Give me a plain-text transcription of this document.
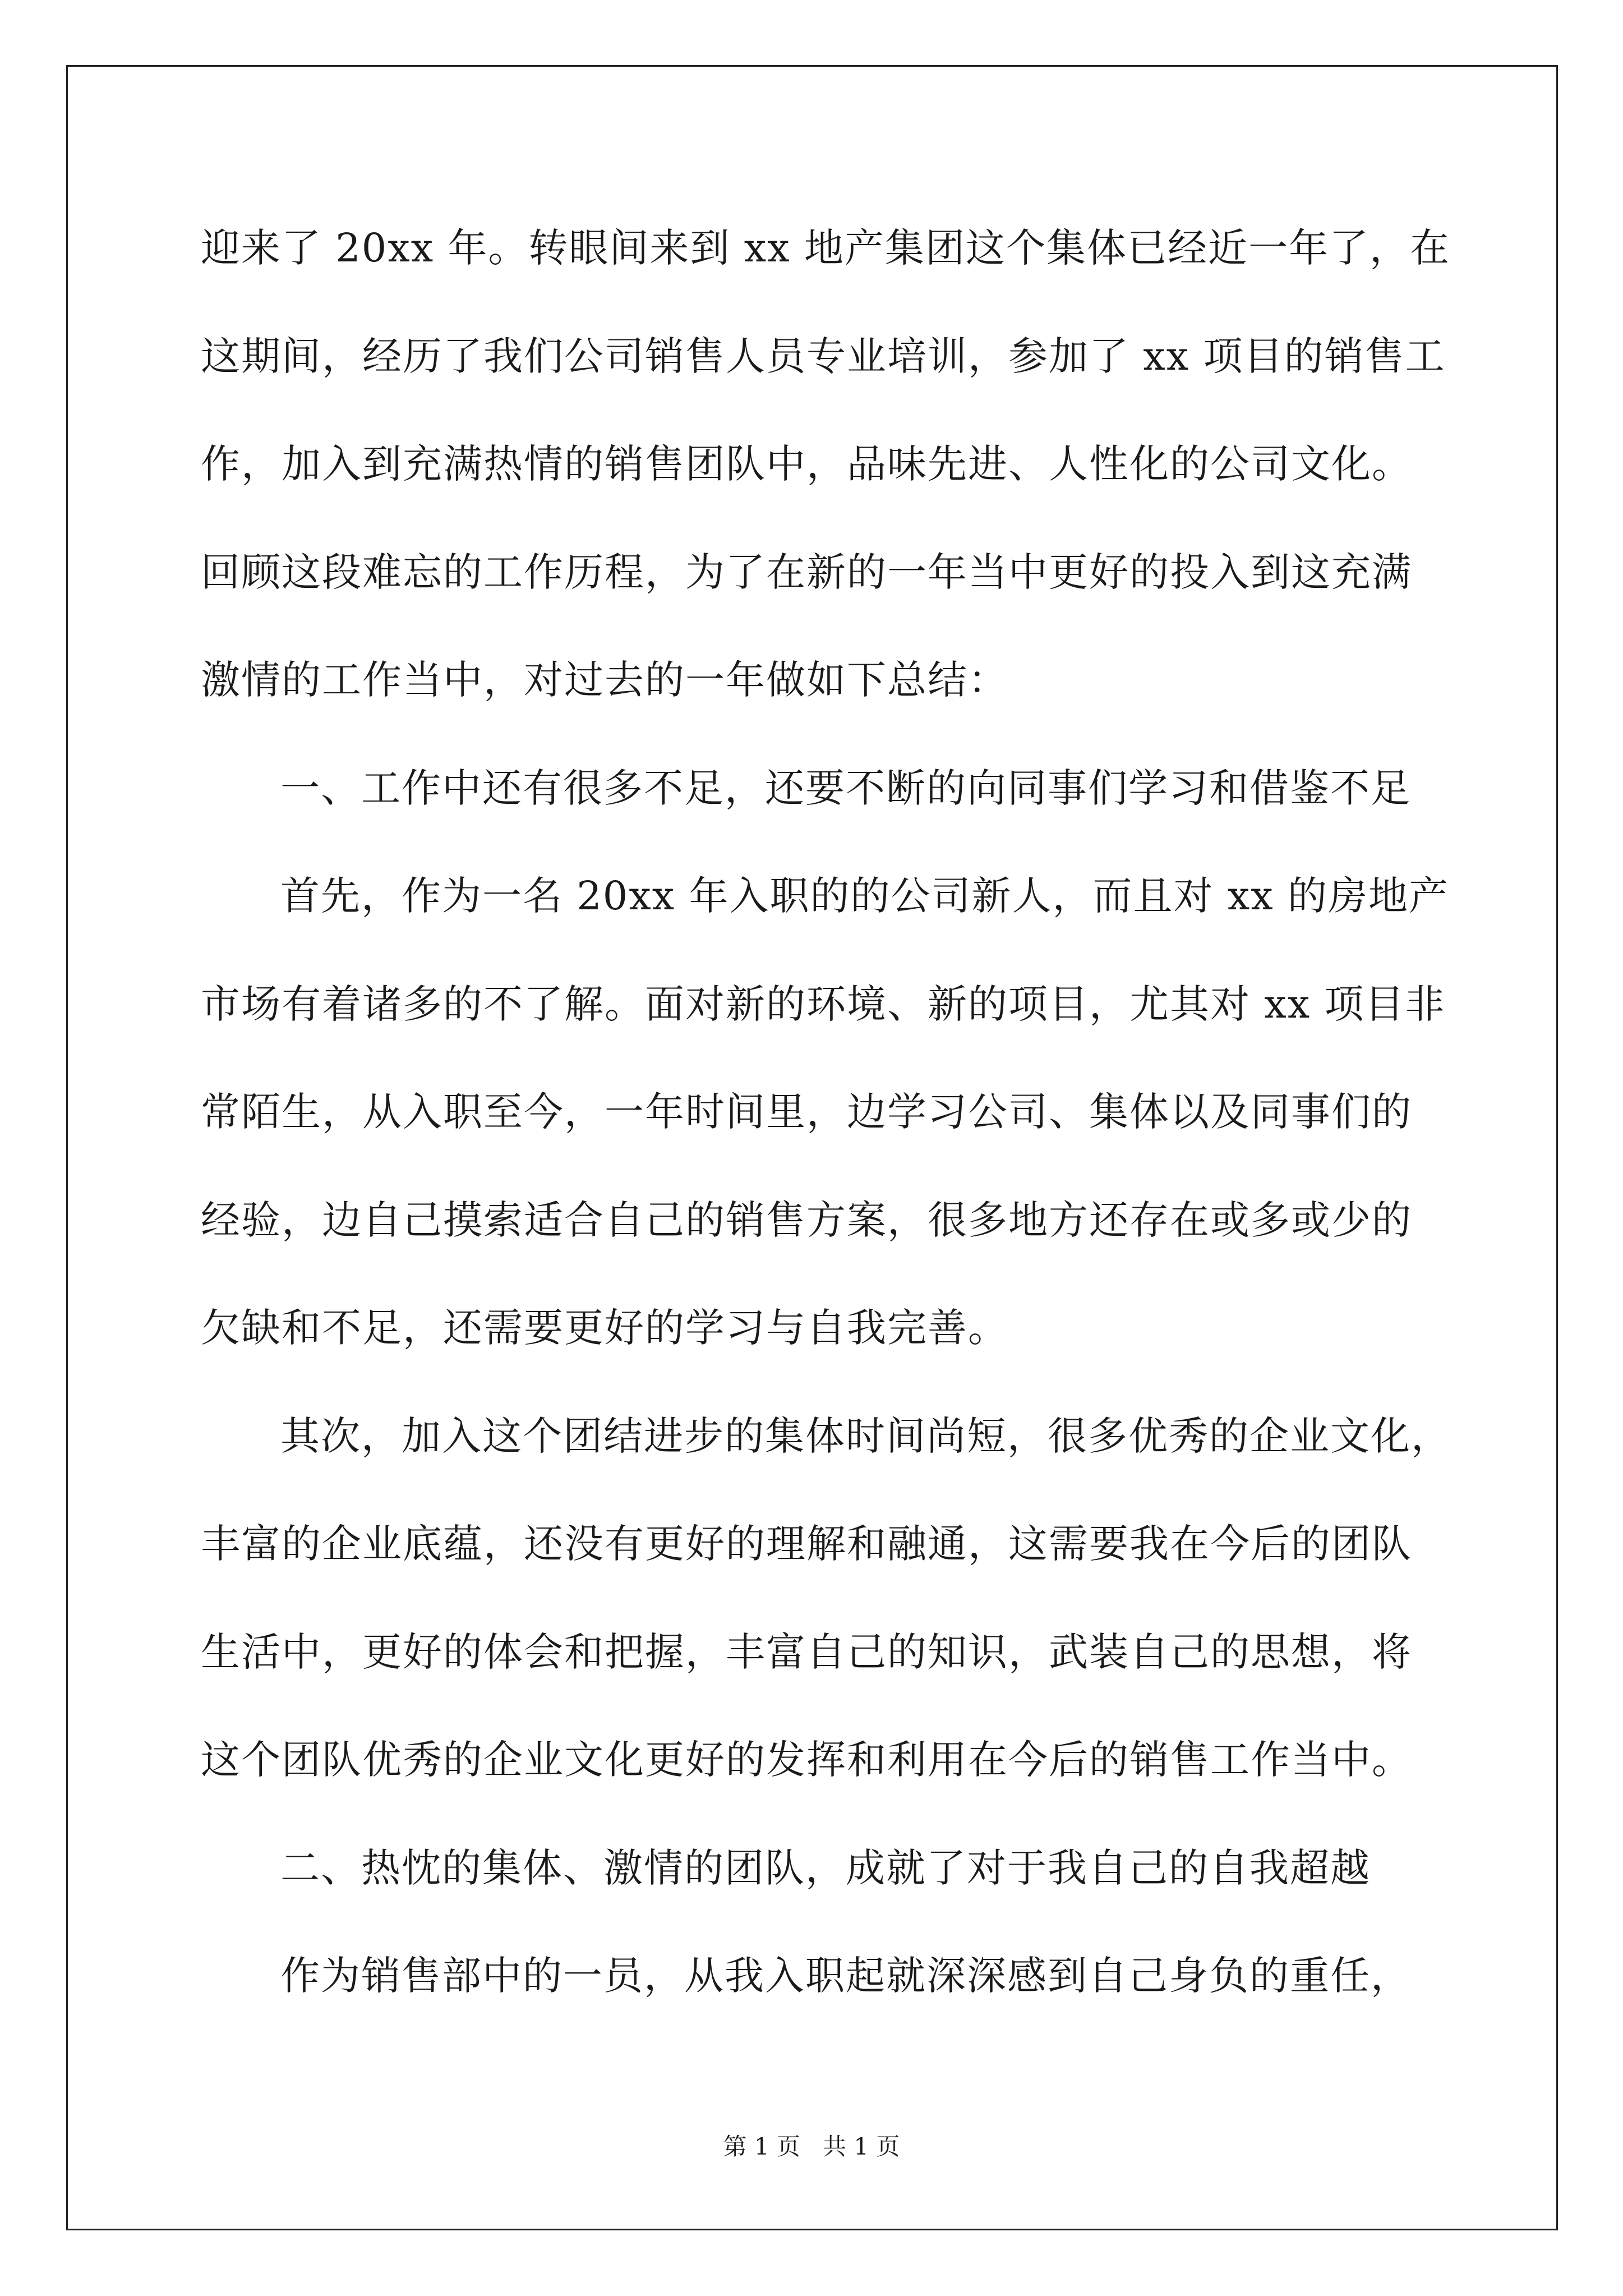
迎来了 20xx 年。转眼间来到 xx 地产集团这个集体已经近一年了，在
这期间，经历了我们公司销售人员专业培训，参加了 xx 项目的销售工
作，加入到充满热情的销售团队中，品味先进、人性化的公司文化。
回顾这段难忘的工作历程，为了在新的一年当中更好的投入到这充满
激情的工作当中，对过去的一年做如下总结：
一、工作中还有很多不足，还要不断的向同事们学习和借鉴不足
首先，作为一名 20xx 年入职的的公司新人，而且对 xx 的房地产
市场有着诸多的不了解。面对新的环境、新的项目，尤其对 xx 项目非
常陌生，从入职至今，一年时间里，边学习公司、集体以及同事们的
经验，边自己摸索适合自己的销售方案，很多地方还存在或多或少的
欠缺和不足，还需要更好的学习与自我完善。
其次，加入这个团结进步的集体时间尚短，很多优秀的企业文化，
丰富的企业底蕴，还没有更好的理解和融通，这需要我在今后的团队
生活中，更好的体会和把握，丰富自己的知识，武装自己的思想，将
这个团队优秀的企业文化更好的发挥和利用在今后的销售工作当中。
二、热忱的集体、激情的团队，成就了对于我自己的自我超越
作为销售部中的一员，从我入职起就深深感到自己身负的重任，
第 1 页 共 1 页
